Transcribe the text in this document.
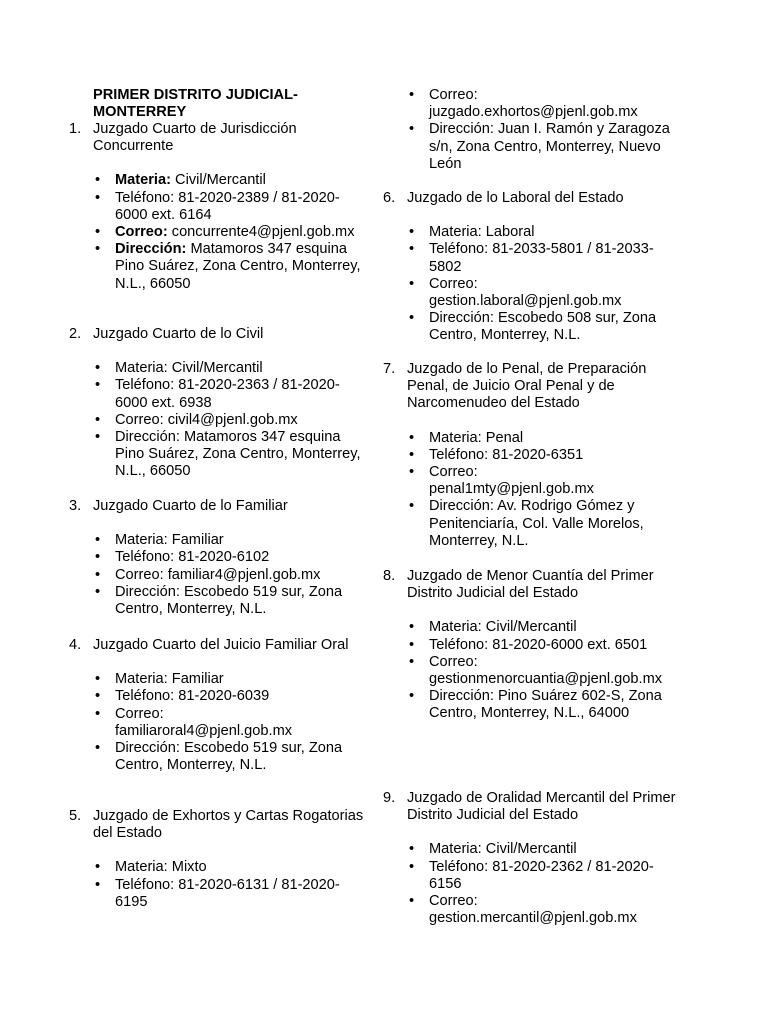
PRIMER DISTRITO JUDICIAL- MONTERREY
1. Juzgado Cuarto de Jurisdicción Concurrente
• Materia: Civil/Mercantil
• Teléfono: 81-2020-2389 / 81-2020-6000 ext. 6164
• Correo: concurrente4@pjenl.gob.mx
• Dirección: Matamoros 347 esquina Pino Suárez, Zona Centro, Monterrey, N.L., 66050
2. Juzgado Cuarto de lo Civil
• Materia: Civil/Mercantil
• Teléfono: 81-2020-2363 / 81-2020-6000 ext. 6938
• Correo: civil4@pjenl.gob.mx
• Dirección: Matamoros 347 esquina Pino Suárez, Zona Centro, Monterrey, N.L., 66050
3. Juzgado Cuarto de lo Familiar
• Materia: Familiar
• Teléfono: 81-2020-6102
• Correo: familiar4@pjenl.gob.mx
• Dirección: Escobedo 519 sur, Zona Centro, Monterrey, N.L.
4. Juzgado Cuarto del Juicio Familiar Oral
• Materia: Familiar
• Teléfono: 81-2020-6039
• Correo:
familiaroral4@pjenl.gob.mx
• Dirección: Escobedo 519 sur, Zona Centro, Monterrey, N.L.
5. Juzgado de Exhortos y Cartas Rogatorias del Estado
• Materia: Mixto
• Teléfono: 81-2020-6131 / 81-2020-6195
• Correo:
juzgado.exhortos@pjenl.gob.mx
• Dirección: Juan I. Ramón y Zaragoza s/n, Zona Centro, Monterrey, Nuevo León
6. Juzgado de lo Laboral del Estado
• Materia: Laboral
• Teléfono: 81-2033-5801 / 81-2033-5802
• Correo:
gestion.laboral@pjenl.gob.mx
• Dirección: Escobedo 508 sur, Zona Centro, Monterrey, N.L.
7. Juzgado de lo Penal, de Preparación Penal, de Juicio Oral Penal y de Narcomenudeo del Estado
• Materia: Penal
• Teléfono: 81-2020-6351
• Correo:
penal1mty@pjenl.gob.mx
• Dirección: Av. Rodrigo Gómez y Penitenciaría, Col. Valle Morelos, Monterrey, N.L.
8. Juzgado de Menor Cuantía del Primer Distrito Judicial del Estado
• Materia: Civil/Mercantil
• Teléfono: 81-2020-6000 ext. 6501
• Correo:
gestionmenorcuantia@pjenl.gob.mx
• Dirección: Pino Suárez 602-S, Zona Centro, Monterrey, N.L., 64000
9. Juzgado de Oralidad Mercantil del Primer Distrito Judicial del Estado
• Materia: Civil/Mercantil
• Teléfono: 81-2020-2362 / 81-2020-6156
• Correo:
gestion.mercantil@pjenl.gob.mx
